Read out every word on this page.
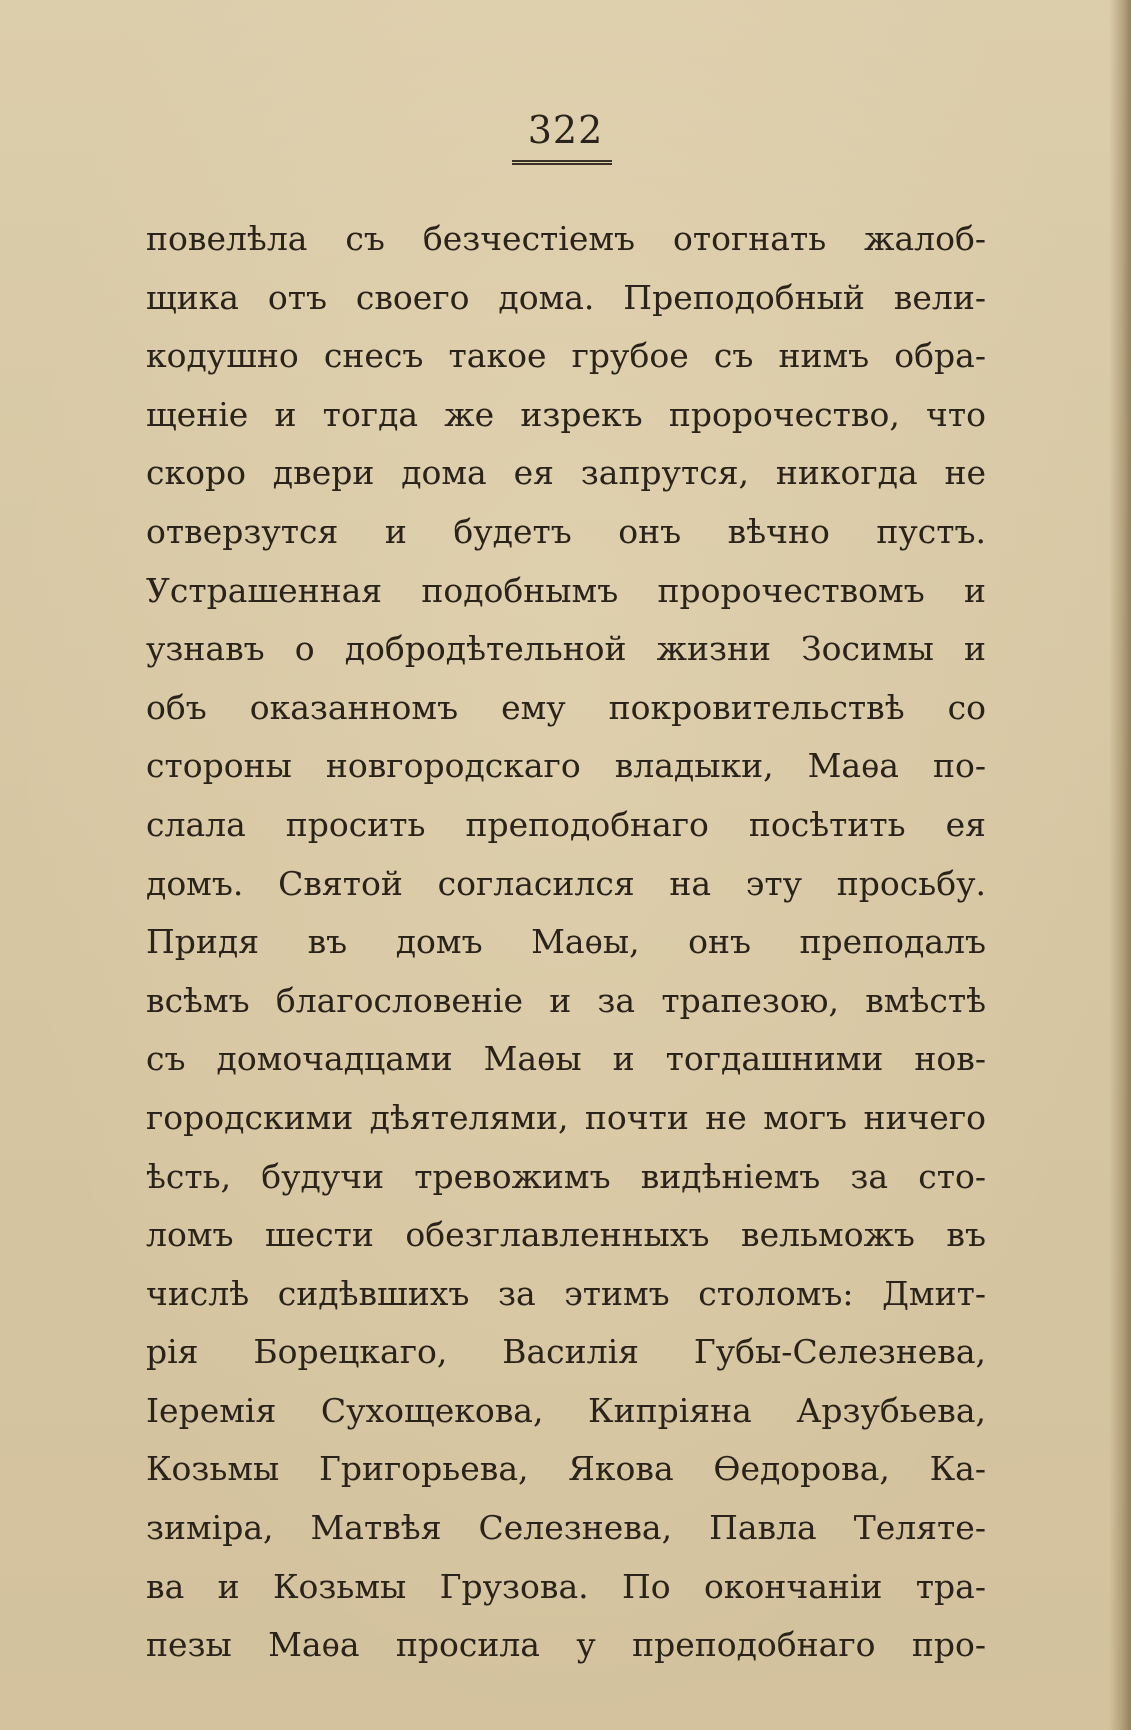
322
повелѣла съ безчестіемъ отогнать жалоб-
щика отъ своего дома. Преподобный вели-
кодушно снесъ такое грубое съ нимъ обра-
щеніе и тогда же изрекъ пророчество, что
скоро двери дома ея запрутся, никогда не
отверзутся и будетъ онъ вѣчно пустъ.
Устрашенная подобнымъ пророчествомъ и
узнавъ о добродѣтельной жизни Зосимы и
объ оказанномъ ему покровительствѣ со
стороны новгородскаго владыки, Маѳа по-
слала просить преподобнаго посѣтить ея
домъ. Святой согласился на эту просьбу.
Придя въ домъ Маѳы, онъ преподалъ
всѣмъ благословеніе и за трапезою, вмѣстѣ
съ домочадцами Маѳы и тогдашними нов-
городскими дѣятелями, почти не могъ ничего
ѣсть, будучи тревожимъ видѣніемъ за сто-
ломъ шести обезглавленныхъ вельможъ въ
числѣ сидѣвшихъ за этимъ столомъ: Дмит-
рія Борецкаго, Василія Губы-Селезнева,
Іеремія Сухощекова, Кипріяна Арзубьева,
Козьмы Григорьева, Якова Ѳедорова, Ка-
зиміра, Матвѣя Селезнева, Павла Телятe-
ва и Козьмы Грузова. По окончаніи тра-
пезы Маѳа просила у преподобнаго про-
